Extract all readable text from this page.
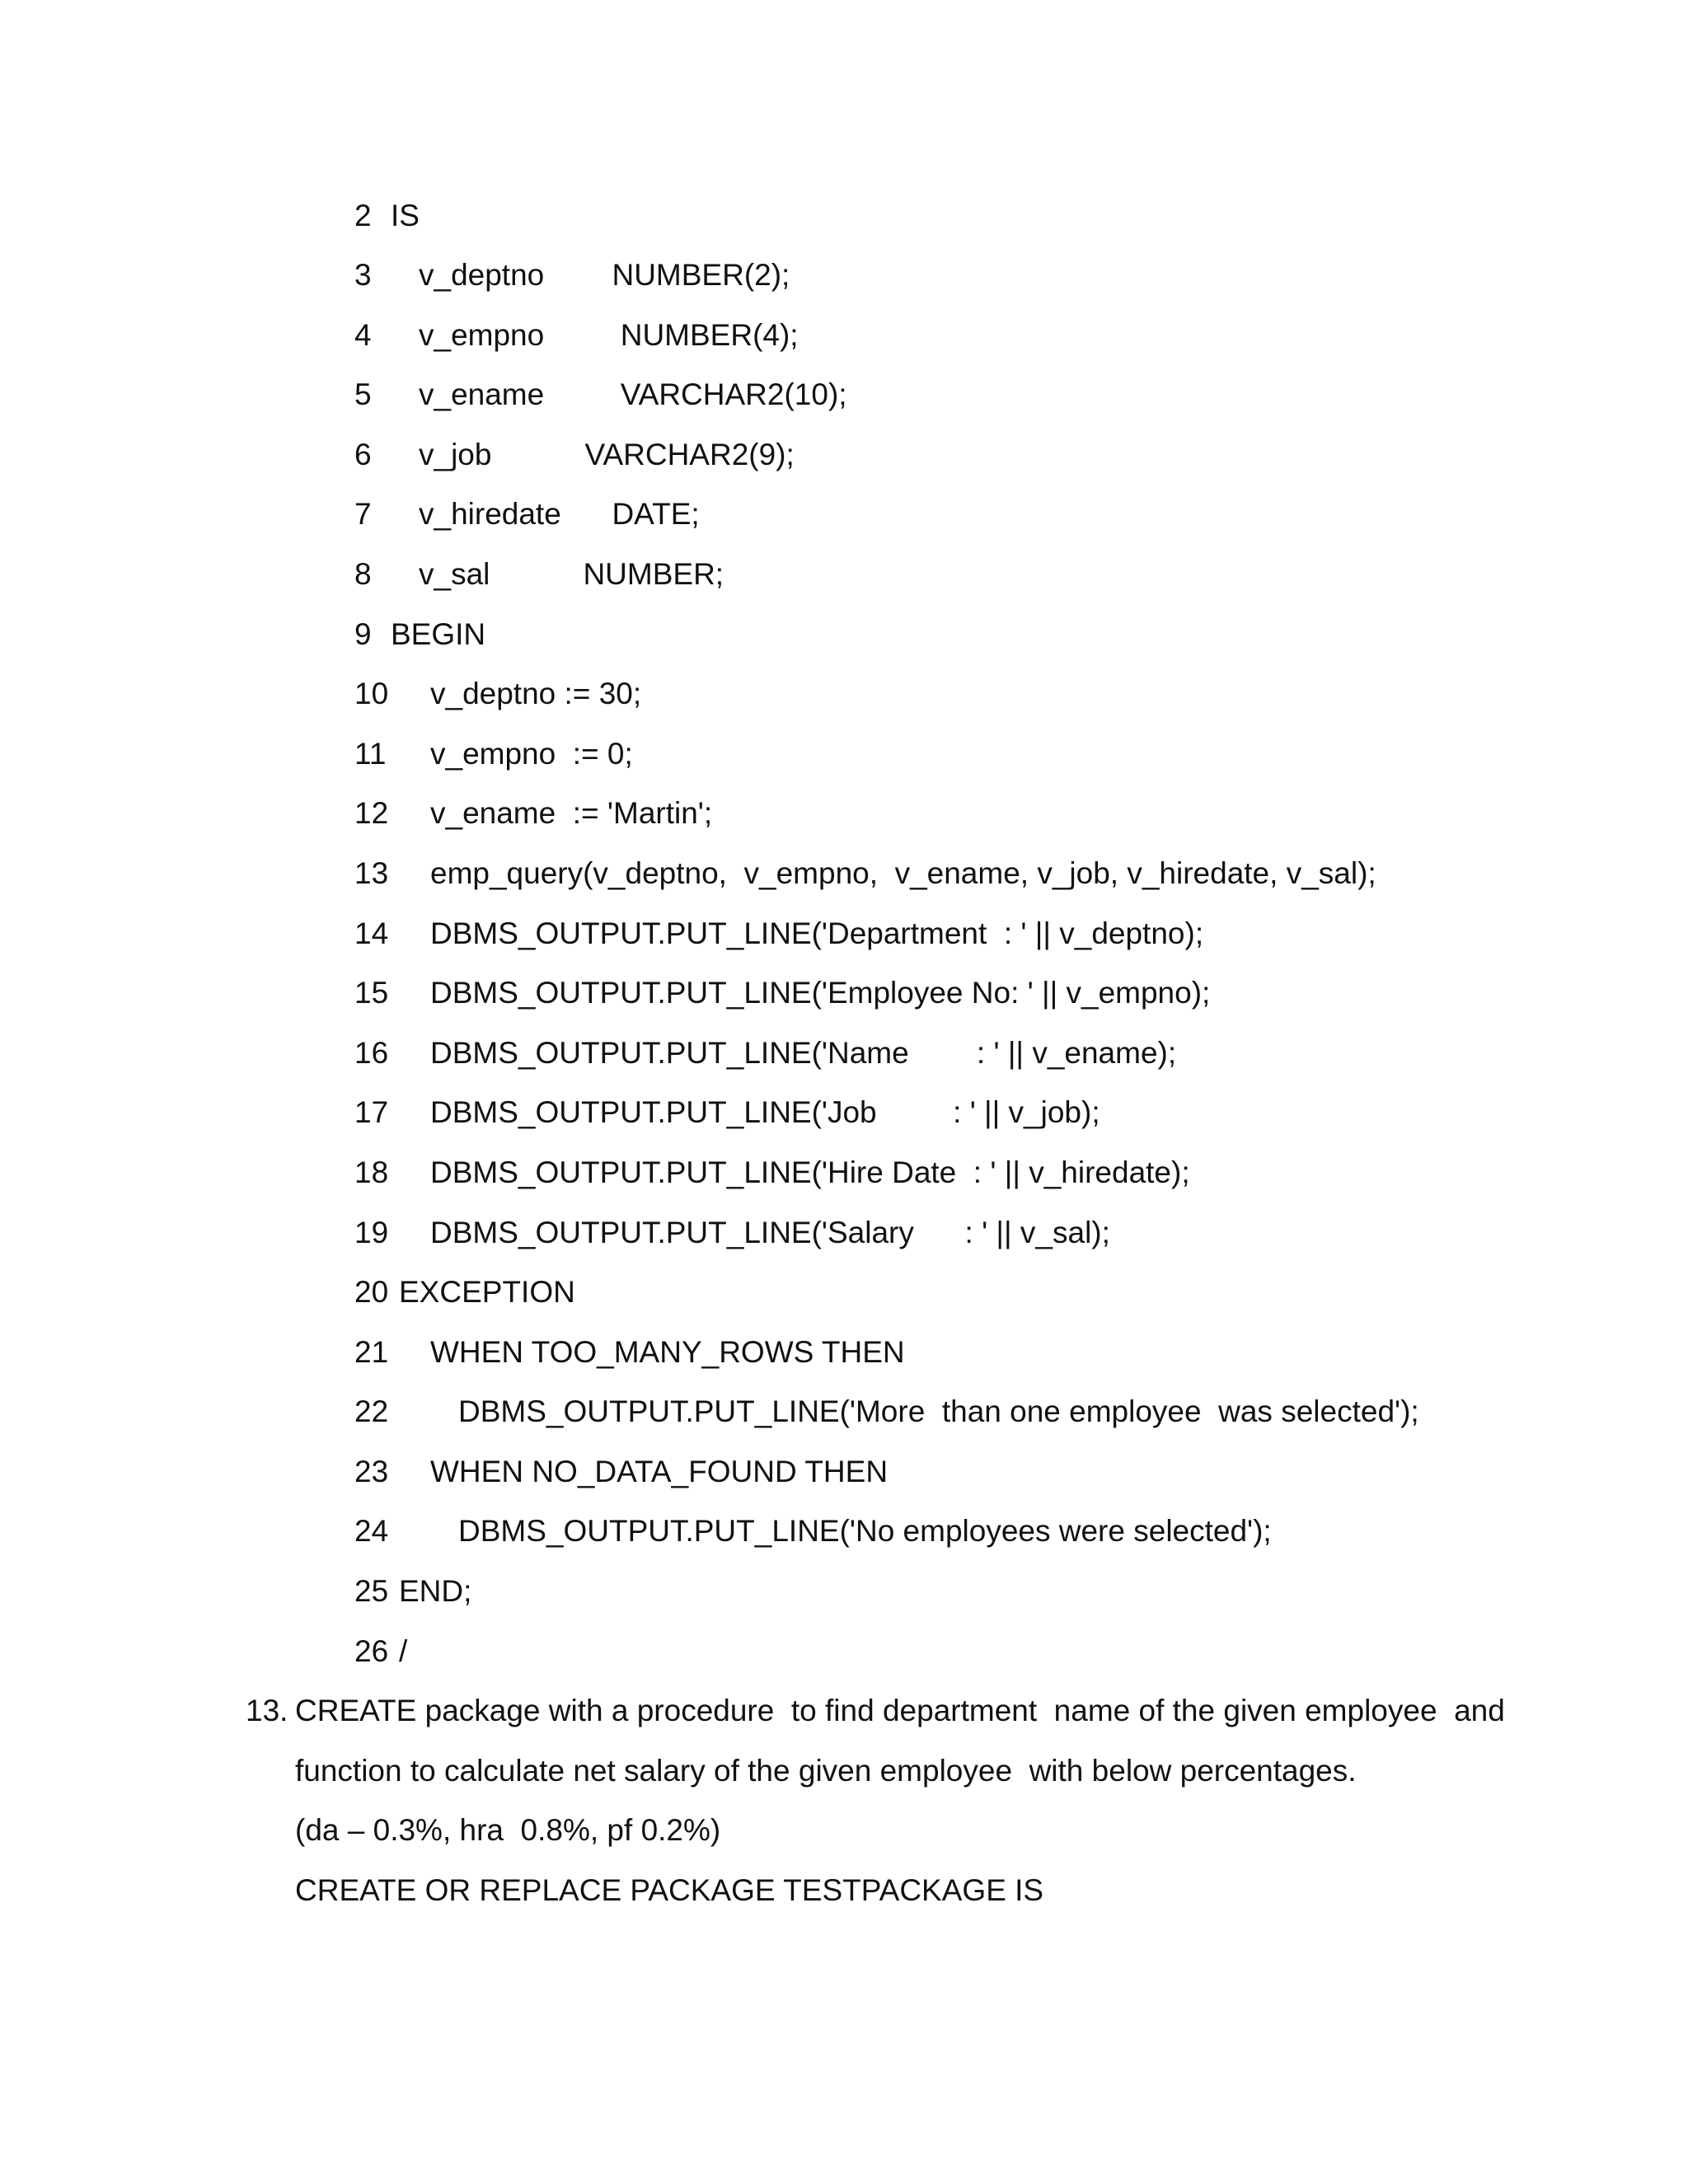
2

IS

3

v_deptno        NUMBER(2);

4

v_empno         NUMBER(4);

5

v_ename         VARCHAR2(10);

6

v_job           VARCHAR2(9);

7

v_hiredate      DATE;

8

v_sal           NUMBER;

9

BEGIN

10

v_deptno := 30;

11

v_empno  := 0;

12

v_ename  := 'Martin';

13

emp_query(v_deptno,  v_empno,  v_ename, v_job, v_hiredate, v_sal);

14

DBMS_OUTPUT.PUT_LINE('Department  : ' || v_deptno);

15

DBMS_OUTPUT.PUT_LINE('Employee No: ' || v_empno);

16

DBMS_OUTPUT.PUT_LINE('Name        : ' || v_ename);

17

DBMS_OUTPUT.PUT_LINE('Job         : ' || v_job);

18

DBMS_OUTPUT.PUT_LINE('Hire Date  : ' || v_hiredate);

19

DBMS_OUTPUT.PUT_LINE('Salary      : ' || v_sal);

20

EXCEPTION

21

WHEN TOO_MANY_ROWS THEN

22

DBMS_OUTPUT.PUT_LINE('More  than one employee  was selected');

23

WHEN NO_DATA_FOUND THEN

24

DBMS_OUTPUT.PUT_LINE('No employees were selected');

25

END;

26

/

13. CREATE package with a procedure  to find department  name of the given employee  and
function to calculate net salary of the given employee  with below percentages.
(da – 0.3%, hra  0.8%, pf 0.2%)
CREATE OR REPLACE PACKAGE TESTPACKAGE IS
